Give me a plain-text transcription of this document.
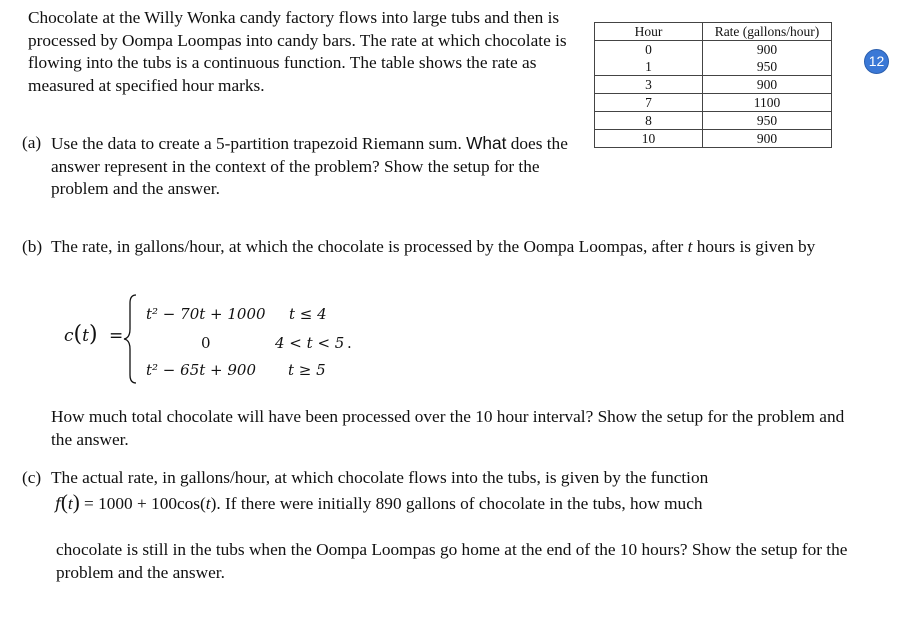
Chocolate at the Willy Wonka candy factory flows into large tubs and then is processed by Oompa Loompas into candy bars. The rate at which chocolate is flowing into the tubs is a continuous function. The table shows the rate as measured at specified hour marks.
Hour	Rate (gallons/hour)
0	900
1	950
3	900
7	1100
8	950
10	900
12
(a) Use the data to create a 5-partition trapezoid Riemann sum. What does the answer represent in the context of the problem? Show the setup for the problem and the answer.
(b) The rate, in gallons/hour, at which the chocolate is processed by the Oompa Loompas, after t hours is given by
c(t) =
t² − 70t + 1000 t ≤ 4
0	4 < t < 5 .
t² − 65t + 900 t ≥ 5
How much total chocolate will have been processed over the 10 hour interval? Show the setup for the problem and the answer.
(c) The actual rate, in gallons/hour, at which chocolate flows into the tubs, is given by the function
f(t) = 1000 + 100cos(t). If there were initially 890 gallons of chocolate in the tubs, how much
chocolate is still in the tubs when the Oompa Loompas go home at the end of the 10 hours? Show the setup for the problem and the answer.
